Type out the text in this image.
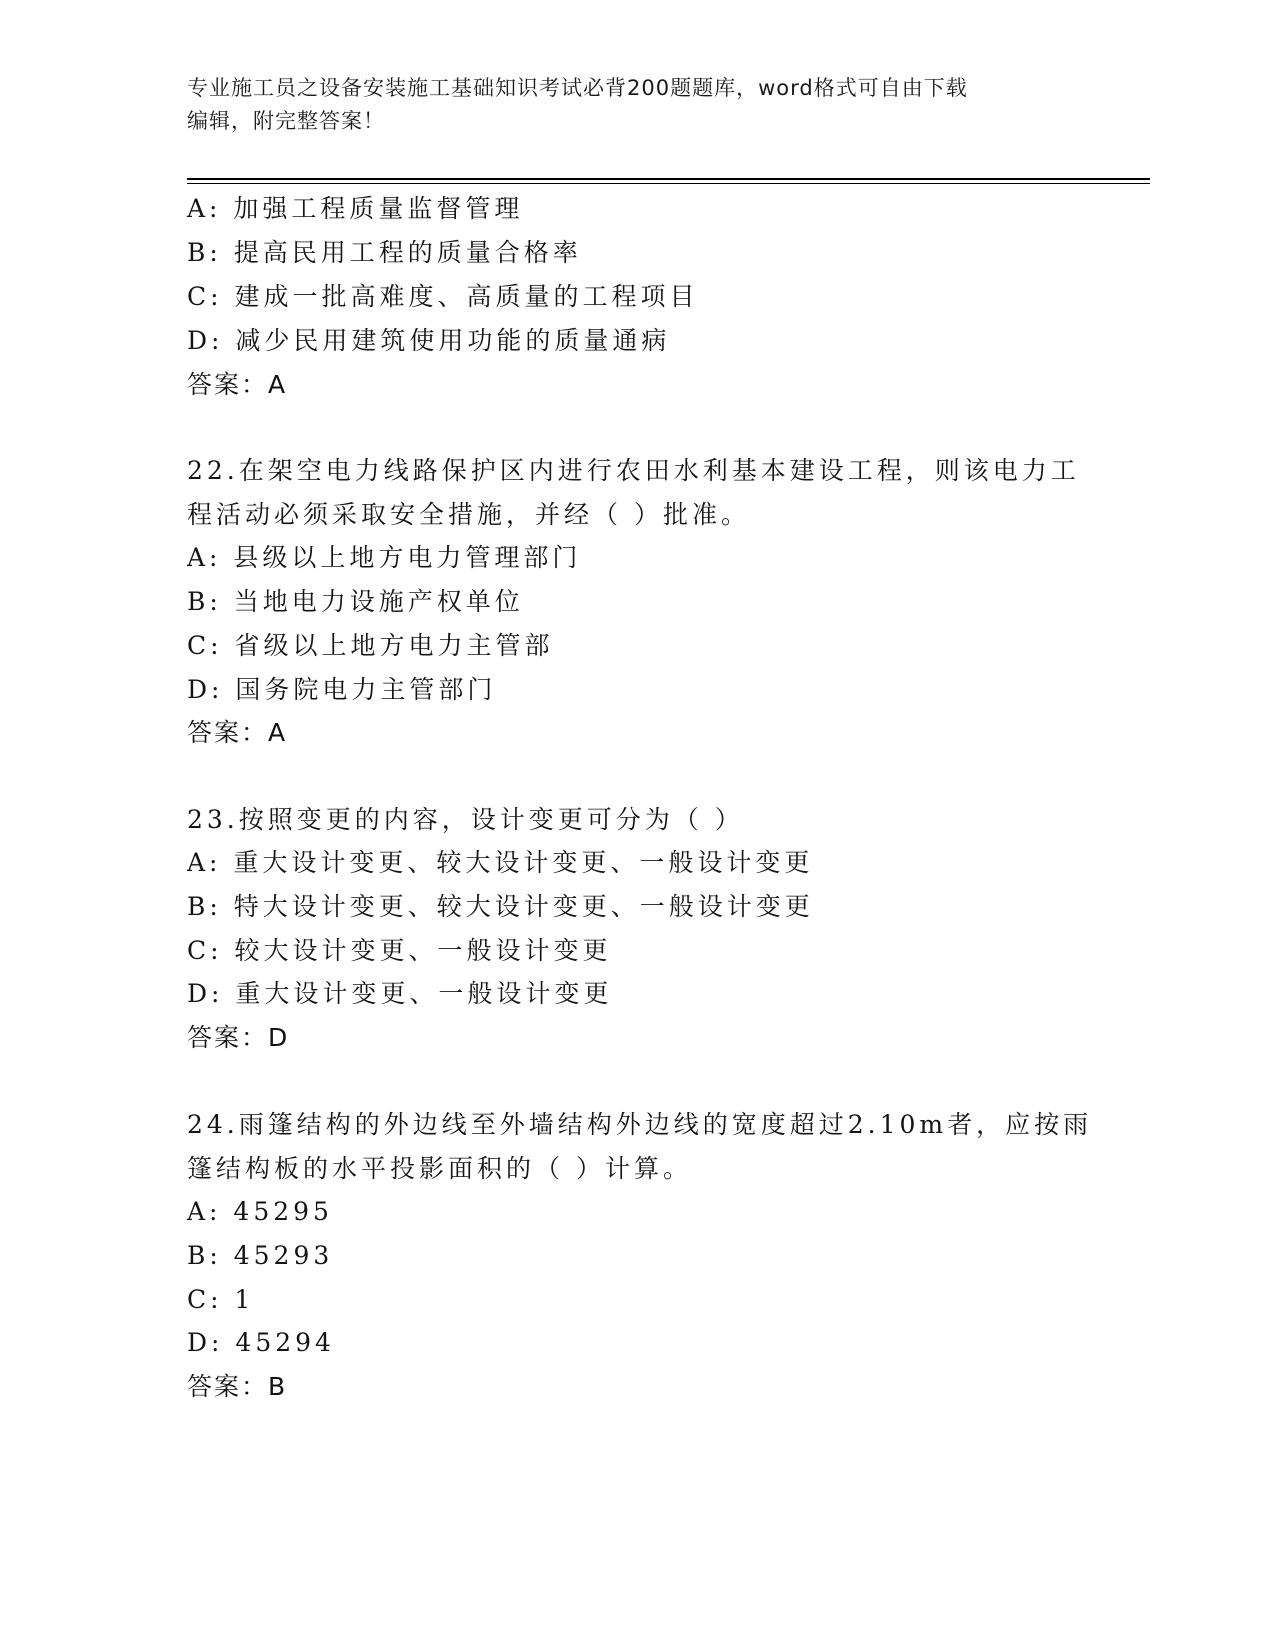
专业施工员之设备安装施工基础知识考试必背200题题库，word格式可自由下载
编辑，附完整答案！
A: 加强工程质量监督管理
B: 提高民用工程的质量合格率
C: 建成一批高难度、高质量的工程项目
D: 减少民用建筑使用功能的质量通病
答案：A
22.在架空电力线路保护区内进行农田水利基本建设工程，则该电力工
程活动必须采取安全措施，并经（ ）批准。
A: 县级以上地方电力管理部门
B: 当地电力设施产权单位
C: 省级以上地方电力主管部
D: 国务院电力主管部门
答案：A
23.按照变更的内容，设计变更可分为（ ）
A: 重大设计变更、较大设计变更、一般设计变更
B: 特大设计变更、较大设计变更、一般设计变更
C: 较大设计变更、一般设计变更
D: 重大设计变更、一般设计变更
答案：D
24.雨篷结构的外边线至外墙结构外边线的宽度超过2.10m者，应按雨
篷结构板的水平投影面积的（ ）计算。
A: 45295
B: 45293
C: 1
D: 45294
答案：B
